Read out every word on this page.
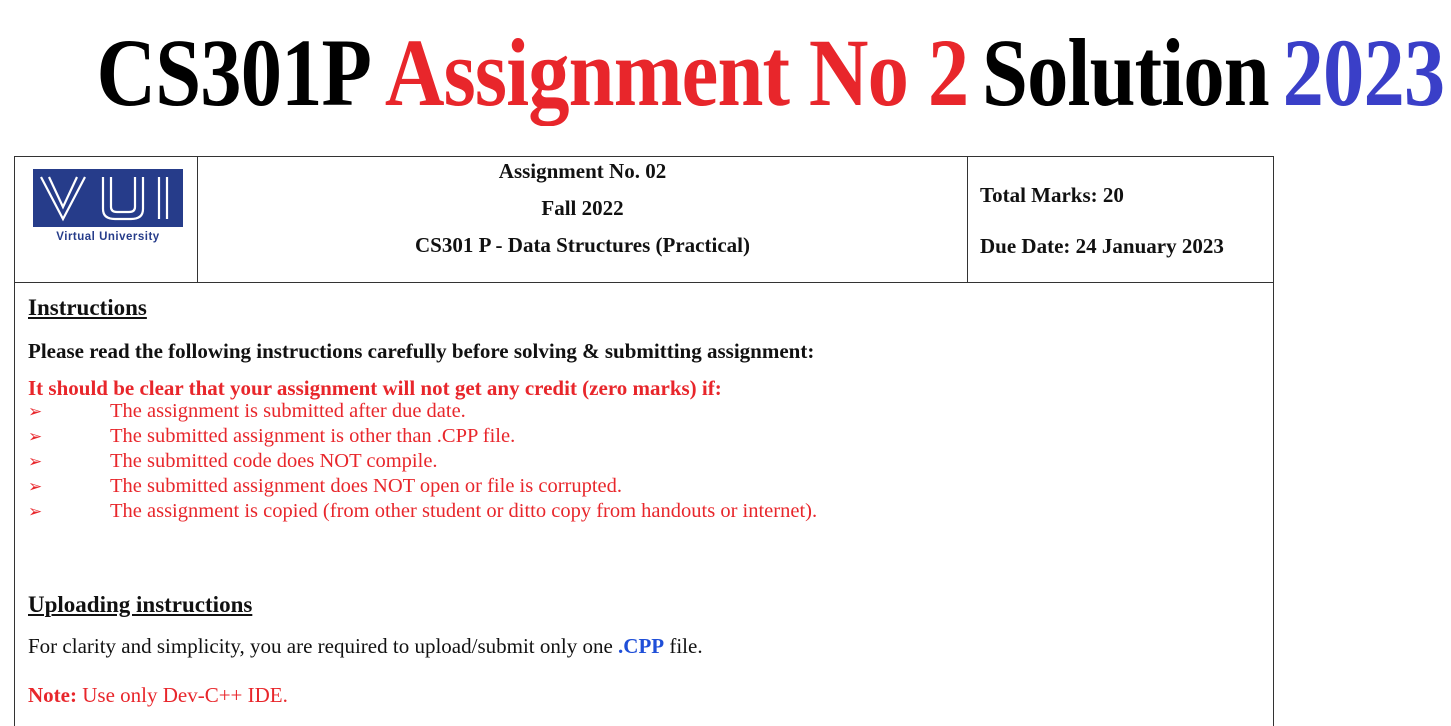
CS301P Assignment No 2 Solution 2023
Virtual University
Assignment No. 02
Fall 2022
CS301 P - Data Structures (Practical)
Total Marks: 20
Due Date: 24 January 2023
Instructions
Please read the following instructions carefully before solving & submitting assignment:
It should be clear that your assignment will not get any credit (zero marks) if:
➢	The assignment is submitted after due date.
➢	The submitted assignment is other than .CPP file.
➢	The submitted code does NOT compile.
➢	The submitted assignment does NOT open or file is corrupted.
➢	The assignment is copied (from other student or ditto copy from handouts or internet).
Uploading instructions
For clarity and simplicity, you are required to upload/submit only one .CPP file.
Note: Use only Dev-C++ IDE.
